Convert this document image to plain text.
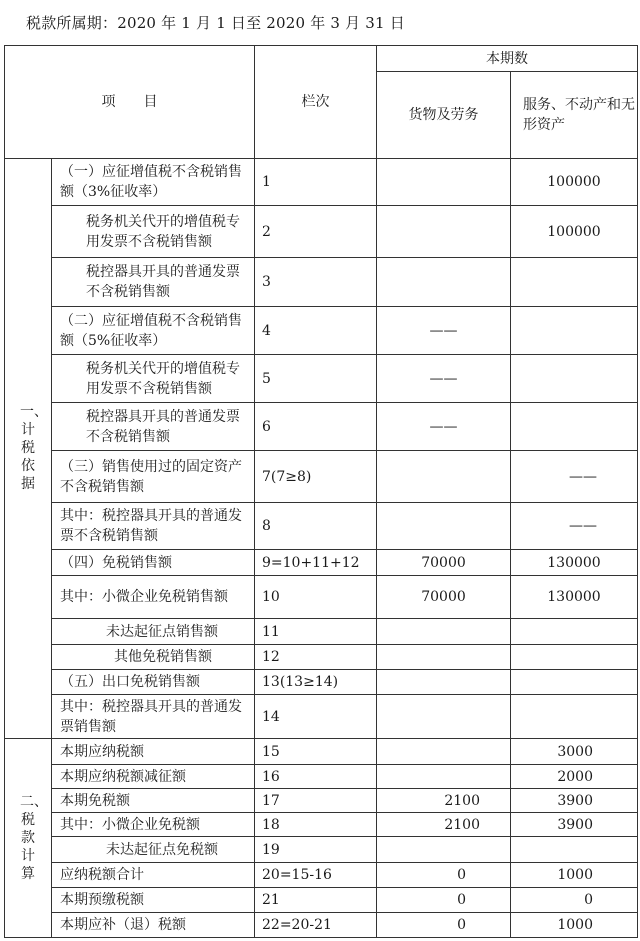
税款所属期：2020 年 1 月 1 日至 2020 年 3 月 31 日
项　　目		栏次	本期数	
			货物及劳务	服务、不动产和无形资产
一、计税依据	（一）应征增值税不含税销售额（3%征收率）	1		100000
	税务机关代开的增值税专用发票不含税销售额	2		100000
	税控器具开具的普通发票不含税销售额	3		
	（二）应征增值税不含税销售额（5%征收率）	4	——	
	税务机关代开的增值税专用发票不含税销售额	5	——	
	税控器具开具的普通发票不含税销售额	6	——	
	（三）销售使用过的固定资产不含税销售额	7(7≥8)		——
	其中：税控器具开具的普通发票不含税销售额	8		——
	（四）免税销售额	9=10+11+12	70000	130000
	其中：小微企业免税销售额	10	70000	130000
	未达起征点销售额	11		
	其他免税销售额	12		
	（五）出口免税销售额	13(13≥14)		
	其中：税控器具开具的普通发票销售额	14		
二、税款计算	本期应纳税额	15		3000
	本期应纳税额减征额	16		2000
	本期免税额	17	2100	3900
	其中：小微企业免税额	18	2100	3900
	未达起征点免税额	19		
	应纳税额合计	20=15-16	0	1000
	本期预缴税额	21	0	0
	本期应补（退）税额	22=20-21	0	1000
